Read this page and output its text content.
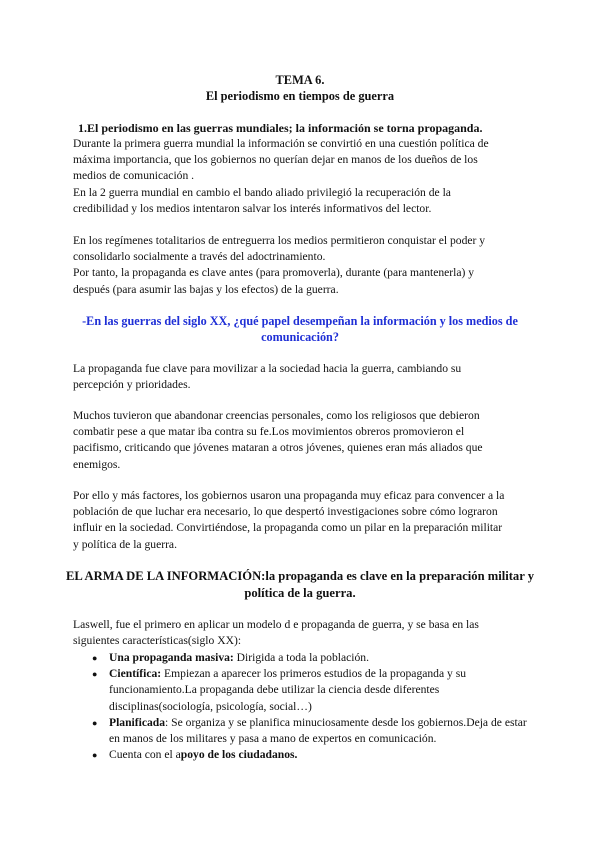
TEMA 6.

El periodismo en tiempos de guerra

1.El periodismo en las guerras mundiales; la información se torna propaganda.

Durante la primera guerra mundial la información se convirtió en una cuestión política de

máxima importancia, que los gobiernos no querían dejar en manos de los dueños de los

medios de comunicación .

En la 2 guerra mundial en cambio el bando aliado privilegió la recuperación de la

credibilidad y los medios intentaron salvar los interés informativos del lector.

En los regímenes totalitarios de entreguerra los medios permitieron conquistar el poder y

consolidarlo socialmente a través del adoctrinamiento.

Por tanto, la propaganda es clave antes (para promoverla), durante (para mantenerla) y

después (para asumir las bajas y los efectos) de la guerra.

-En las guerras del siglo XX, ¿qué papel desempeñan la información y los medios de

comunicación?

La propaganda fue clave para movilizar a la sociedad hacia la guerra, cambiando su

percepción y prioridades.

Muchos tuvieron que abandonar creencias personales, como los religiosos que debieron

combatir pese a que matar iba contra su fe.Los movimientos obreros promovieron el

pacifismo, criticando que jóvenes mataran a otros jóvenes, quienes eran más aliados que

enemigos.

Por ello y más factores, los gobiernos usaron una propaganda muy eficaz para convencer a la

población de que luchar era necesario, lo que despertó investigaciones sobre cómo lograron

influir en la sociedad. Convirtiéndose, la propaganda como un pilar en la preparación militar

y política de la guerra.

EL ARMA DE LA INFORMACIÓN:la propaganda es clave en la preparación militar y

política de la guerra.

Laswell, fue el primero en aplicar un modelo d e propaganda de guerra, y se basa en las

siguientes características(siglo XX):

● Una propaganda masiva: Dirigida a toda la población.
● Científica: Empiezan a aparecer los primeros estudios de la propaganda y su funcionamiento.La propaganda debe utilizar la ciencia desde diferentes disciplinas(sociología, psicología, social…)
● Planificada: Se organiza y se planifica minuciosamente desde los gobiernos.Deja de estar en manos de los militares y pasa a mano de expertos en comunicación.
● Cuenta con el apoyo de los ciudadanos.
